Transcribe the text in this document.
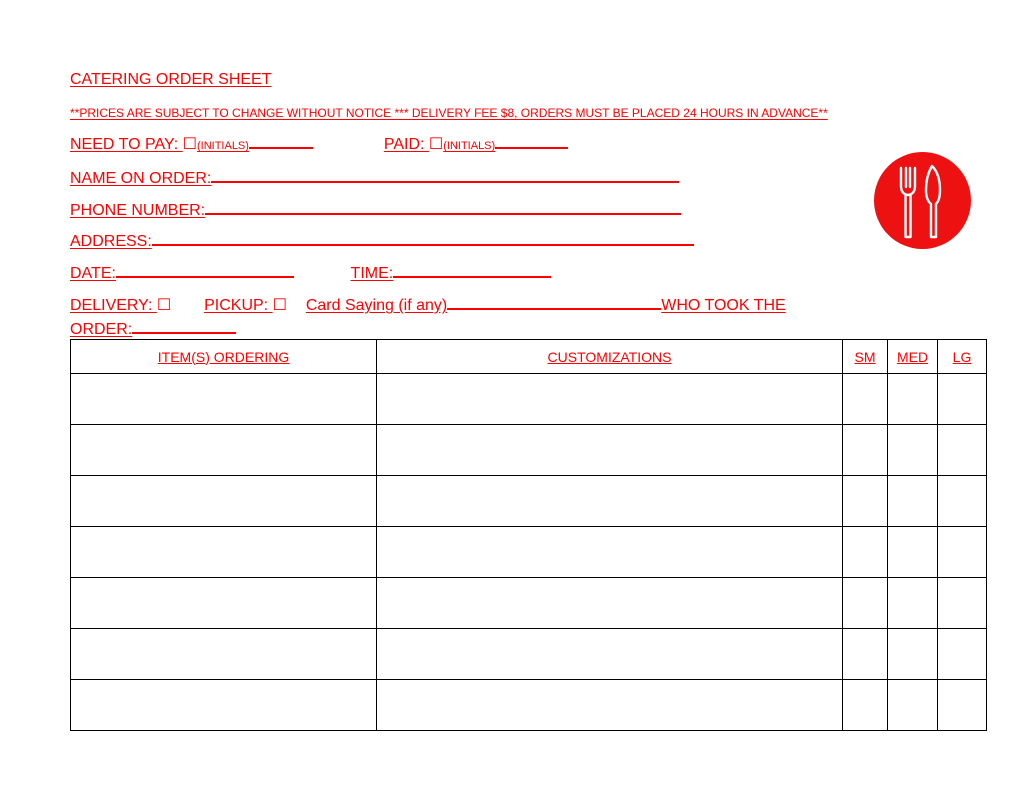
CATERING ORDER SHEET
**PRICES ARE SUBJECT TO CHANGE WITHOUT NOTICE *** DELIVERY FEE $8, ORDERS MUST BE PLACED 24 HOURS IN ADVANCE**
NEED TO PAY: ☐(INITIALS)	PAID: ☐(INITIALS)
NAME ON ORDER:
PHONE NUMBER:
ADDRESS:
DATE:	TIME:
DELIVERY: ☐ PICKUP: ☐ Card Saying (if any)	WHO TOOK THE
ORDER:
ITEM(S) ORDERING	CUSTOMIZATIONS	SM	MED	LG
